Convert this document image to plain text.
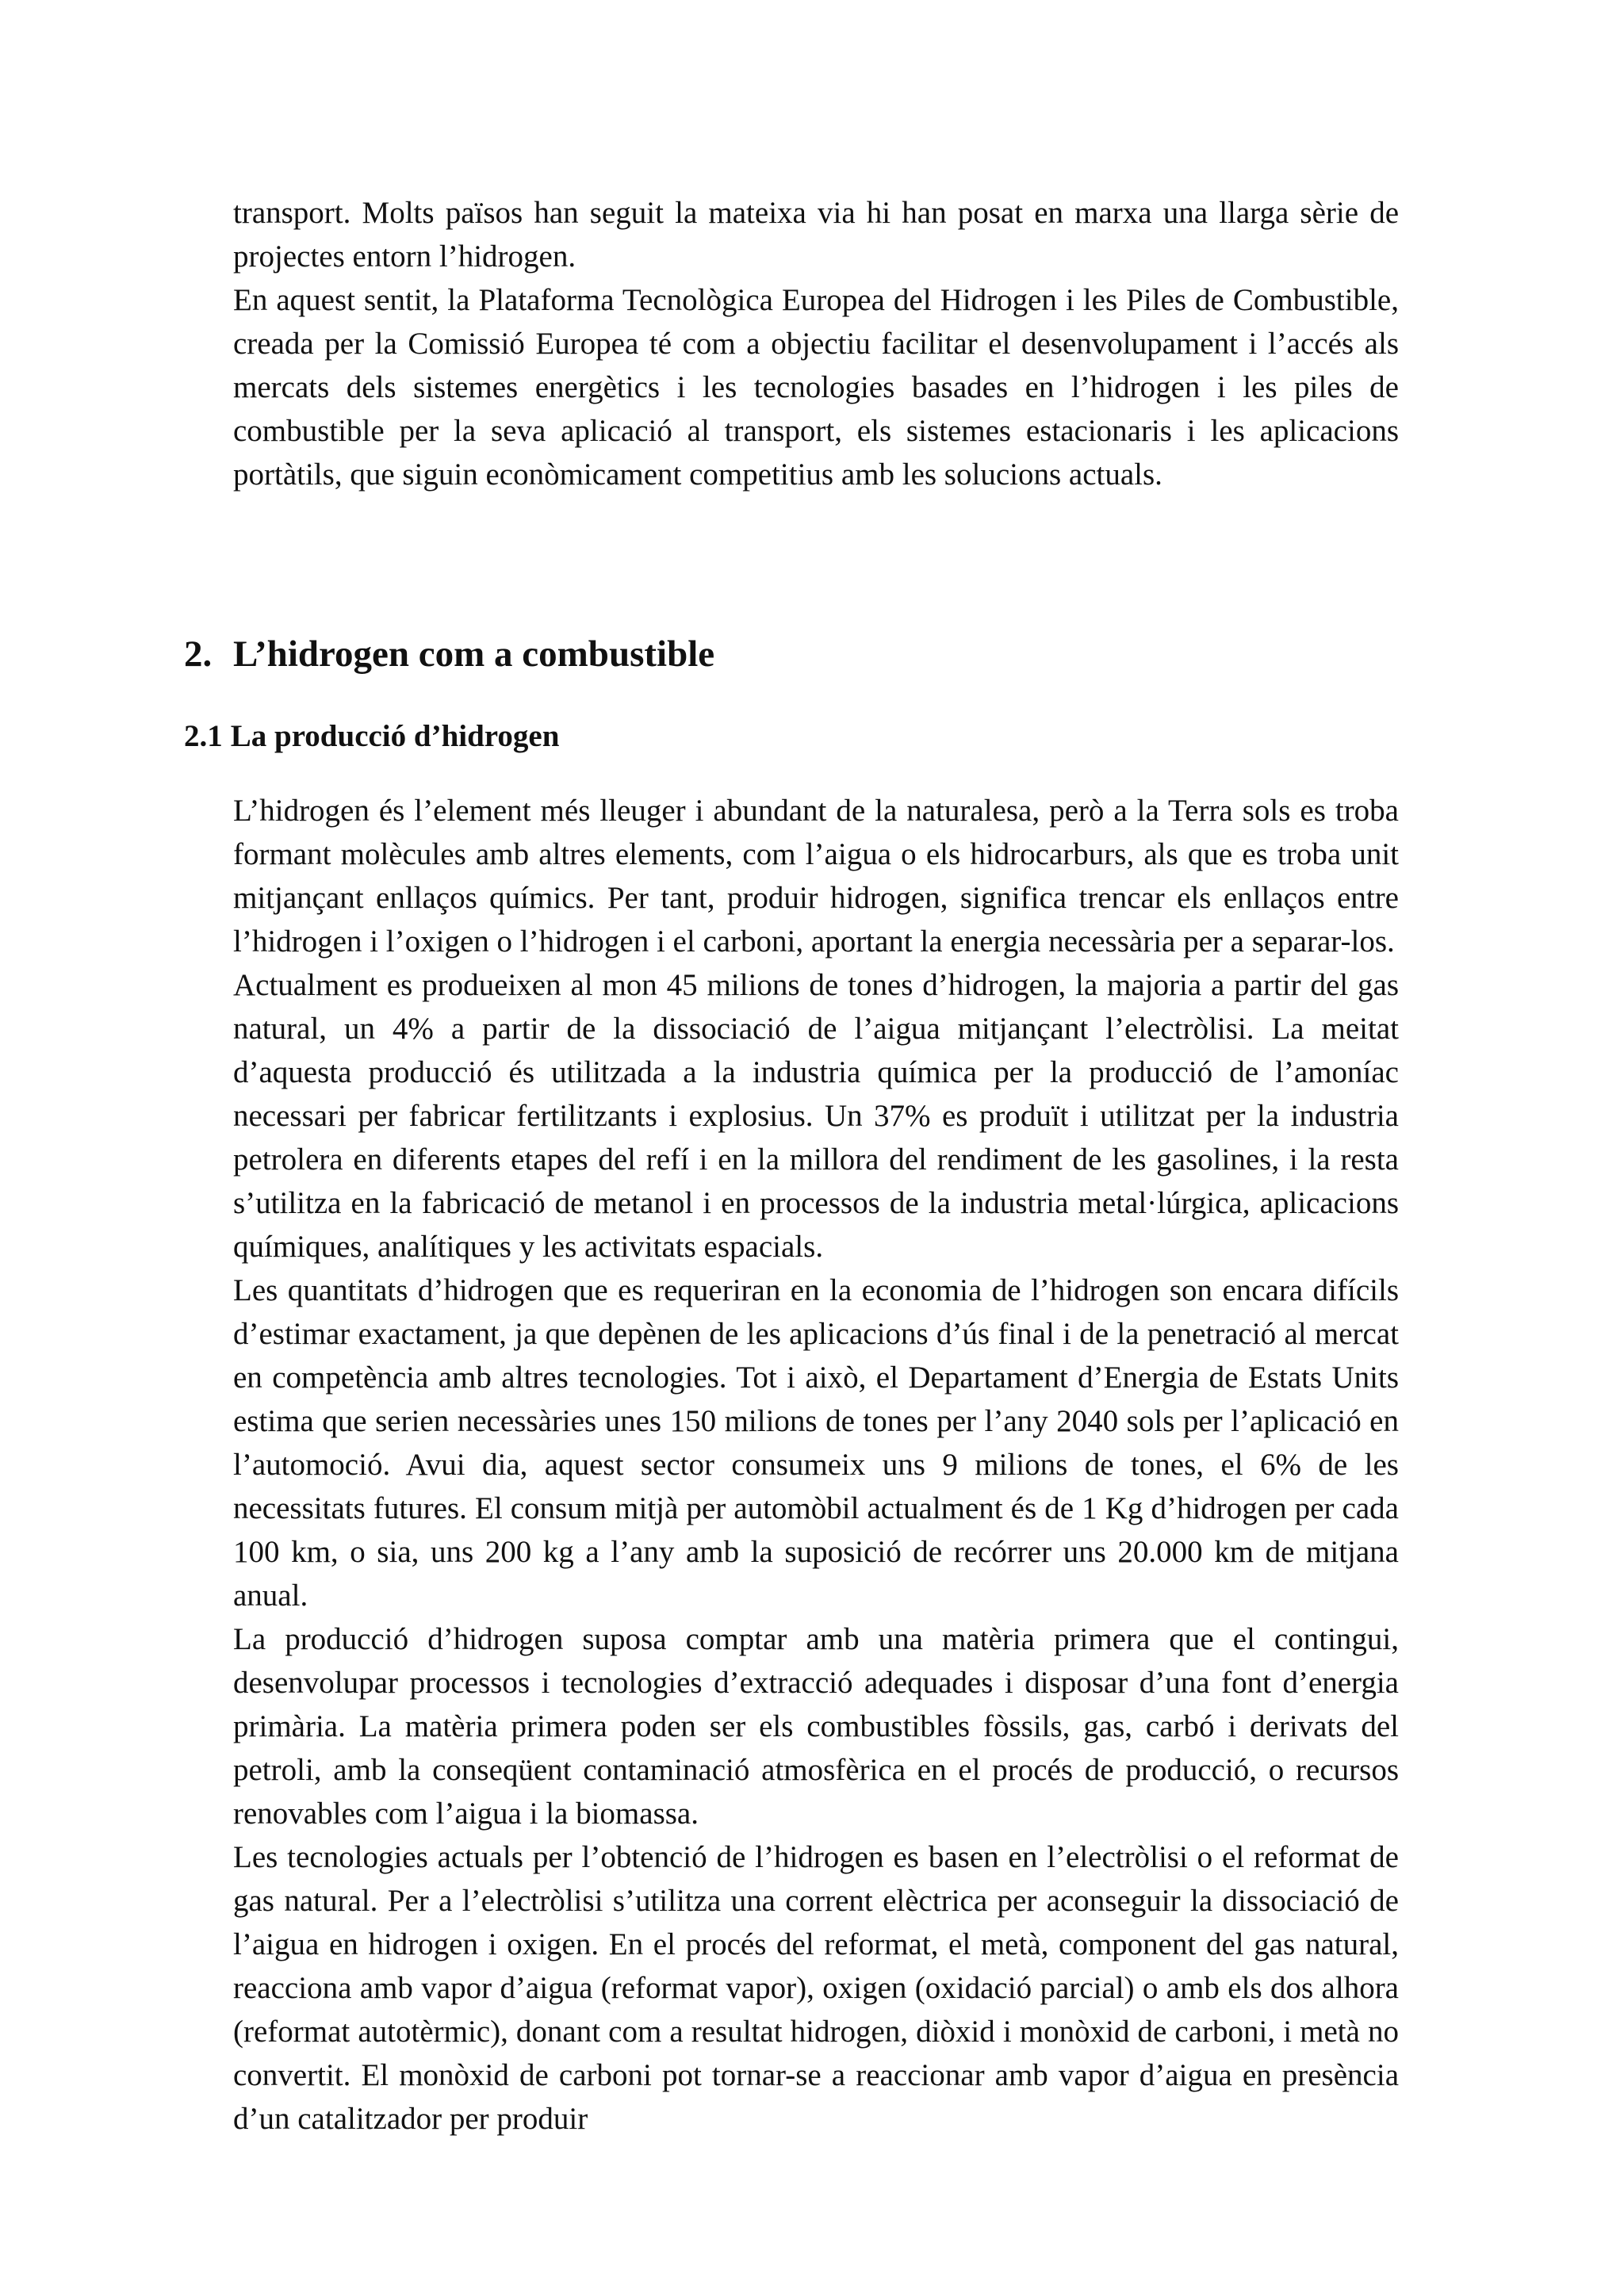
transport. Molts països han seguit la mateixa via hi han posat en marxa una llarga sèrie de projectes entorn l’hidrogen.

En aquest sentit, la Plataforma Tecnològica Europea del Hidrogen i les Piles de Combustible, creada per la Comissió Europea té com a objectiu facilitar el desenvolupament i l’accés als mercats dels sistemes energètics i les tecnologies basades en l’hidrogen i les piles de combustible per la seva aplicació al transport, els sistemes estacionaris i les aplicacions portàtils, que siguin econòmicament competitius amb les solucions actuals.

2. L’hidrogen com a combustible
2.1 La producció d’hidrogen

L’hidrogen és l’element més lleuger i abundant de la naturalesa, però a la Terra sols es troba formant molècules amb altres elements, com l’aigua o els hidrocarburs, als que es troba unit mitjançant enllaços químics. Per tant, produir hidrogen, significa trencar els enllaços entre l’hidrogen i l’oxigen o l’hidrogen i el carboni, aportant la energia necessària per a separar-los.

Actualment es produeixen al mon 45 milions de tones d’hidrogen, la majoria a partir del gas natural, un 4% a partir de la dissociació de l’aigua mitjançant l’electròlisi. La meitat d’aquesta producció és utilitzada a la industria química per la producció de l’amoníac necessari per fabricar fertilitzants i explosius. Un 37% es produït i utilitzat per la industria petrolera en diferents etapes del refí i en la millora del rendiment de les gasolines, i la resta s’utilitza en la fabricació de metanol i en processos de la industria metal·lúrgica, aplicacions químiques, analítiques y les activitats espacials.

Les quantitats d’hidrogen que es requeriran en la economia de l’hidrogen son encara difícils d’estimar exactament, ja que depènen de les aplicacions d’ús final i de la penetració al mercat en competència amb altres tecnologies. Tot i això, el Departament d’Energia de Estats Units estima que serien necessàries unes 150 milions de tones per l’any 2040 sols per l’aplicació en l’automoció. Avui dia, aquest sector consumeix uns 9 milions de tones, el 6% de les necessitats futures. El consum mitjà per automòbil actualment és de 1 Kg d’hidrogen per cada 100 km, o sia, uns 200 kg a l’any amb la suposició de recórrer uns 20.000 km de mitjana anual.

La producció d’hidrogen suposa comptar amb una matèria primera que el contingui, desenvolupar processos i tecnologies d’extracció adequades i disposar d’una font d’energia primària. La matèria primera poden ser els combustibles fòssils, gas, carbó i derivats del petroli, amb la conseqüent contaminació atmosfèrica en el procés de producció, o recursos renovables com l’aigua i la biomassa.

Les tecnologies actuals per l’obtenció de l’hidrogen es basen en l’electròlisi o el reformat de gas natural. Per a l’electròlisi s’utilitza una corrent elèctrica per aconseguir la dissociació de l’aigua en hidrogen i oxigen. En el procés del reformat, el metà, component del gas natural, reacciona amb vapor d’aigua (reformat vapor), oxigen (oxidació parcial) o amb els dos alhora (reformat autotèrmic), donant com a resultat hidrogen, diòxid i monòxid de carboni, i metà no convertit. El monòxid de carboni pot tornar-se a reaccionar amb vapor d’aigua en presència d’un catalitzador per produir
